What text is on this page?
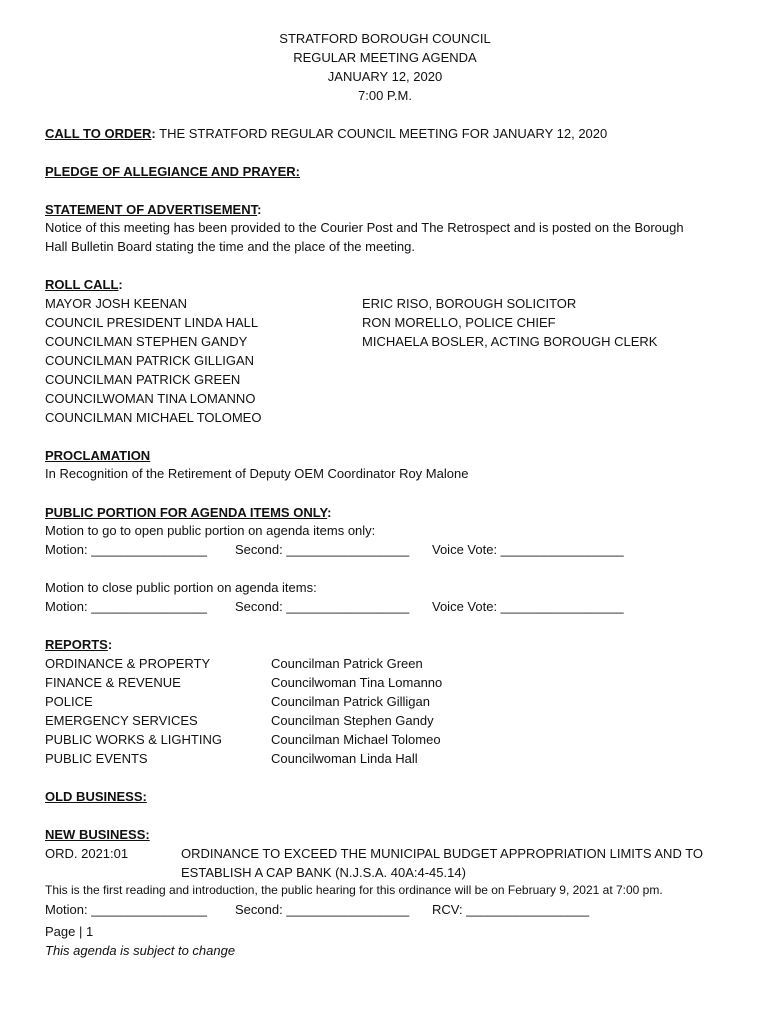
STRATFORD BOROUGH COUNCIL
REGULAR MEETING AGENDA
JANUARY 12, 2020
7:00 P.M.
CALL TO ORDER: THE STRATFORD REGULAR COUNCIL MEETING FOR JANUARY 12, 2020
PLEDGE OF ALLEGIANCE AND PRAYER:
STATEMENT OF ADVERTISEMENT:
Notice of this meeting has been provided to the Courier Post and The Retrospect and is posted on the Borough
Hall Bulletin Board stating the time and the place of the meeting.
ROLL CALL:
MAYOR JOSH KEENAN
COUNCIL PRESIDENT LINDA HALL
COUNCILMAN STEPHEN GANDY
COUNCILMAN PATRICK GILLIGAN
COUNCILMAN PATRICK GREEN
COUNCILWOMAN TINA LOMANNO
COUNCILMAN MICHAEL TOLOMEO
ERIC RISO, BOROUGH SOLICITOR
RON MORELLO, POLICE CHIEF
MICHAELA BOSLER, ACTING BOROUGH CLERK
PROCLAMATION
In Recognition of the Retirement of Deputy OEM Coordinator Roy Malone
PUBLIC PORTION FOR AGENDA ITEMS ONLY:
Motion to go to open public portion on agenda items only:
Motion: ________________ Second: _________________ Voice Vote: _________________
Motion to close public portion on agenda items:
Motion: ________________ Second: _________________ Voice Vote: _________________
REPORTS:
ORDINANCE & PROPERTY
FINANCE & REVENUE
POLICE
EMERGENCY SERVICES
PUBLIC WORKS & LIGHTING
PUBLIC EVENTS
Councilman Patrick Green
Councilwoman Tina Lomanno
Councilman Patrick Gilligan
Councilman Stephen Gandy
Councilman Michael Tolomeo
Councilwoman Linda Hall
OLD BUSINESS:
NEW BUSINESS:
ORD. 2021:01	ORDINANCE TO EXCEED THE MUNICIPAL BUDGET APPROPRIATION LIMITS AND TO
ESTABLISH A CAP BANK (N.J.S.A. 40A:4-45.14)
This is the first reading and introduction, the public hearing for this ordinance will be on February 9, 2021 at 7:00 pm.
Motion: ________________ Second: _________________ RCV: _________________
Page | 1
This agenda is subject to change
